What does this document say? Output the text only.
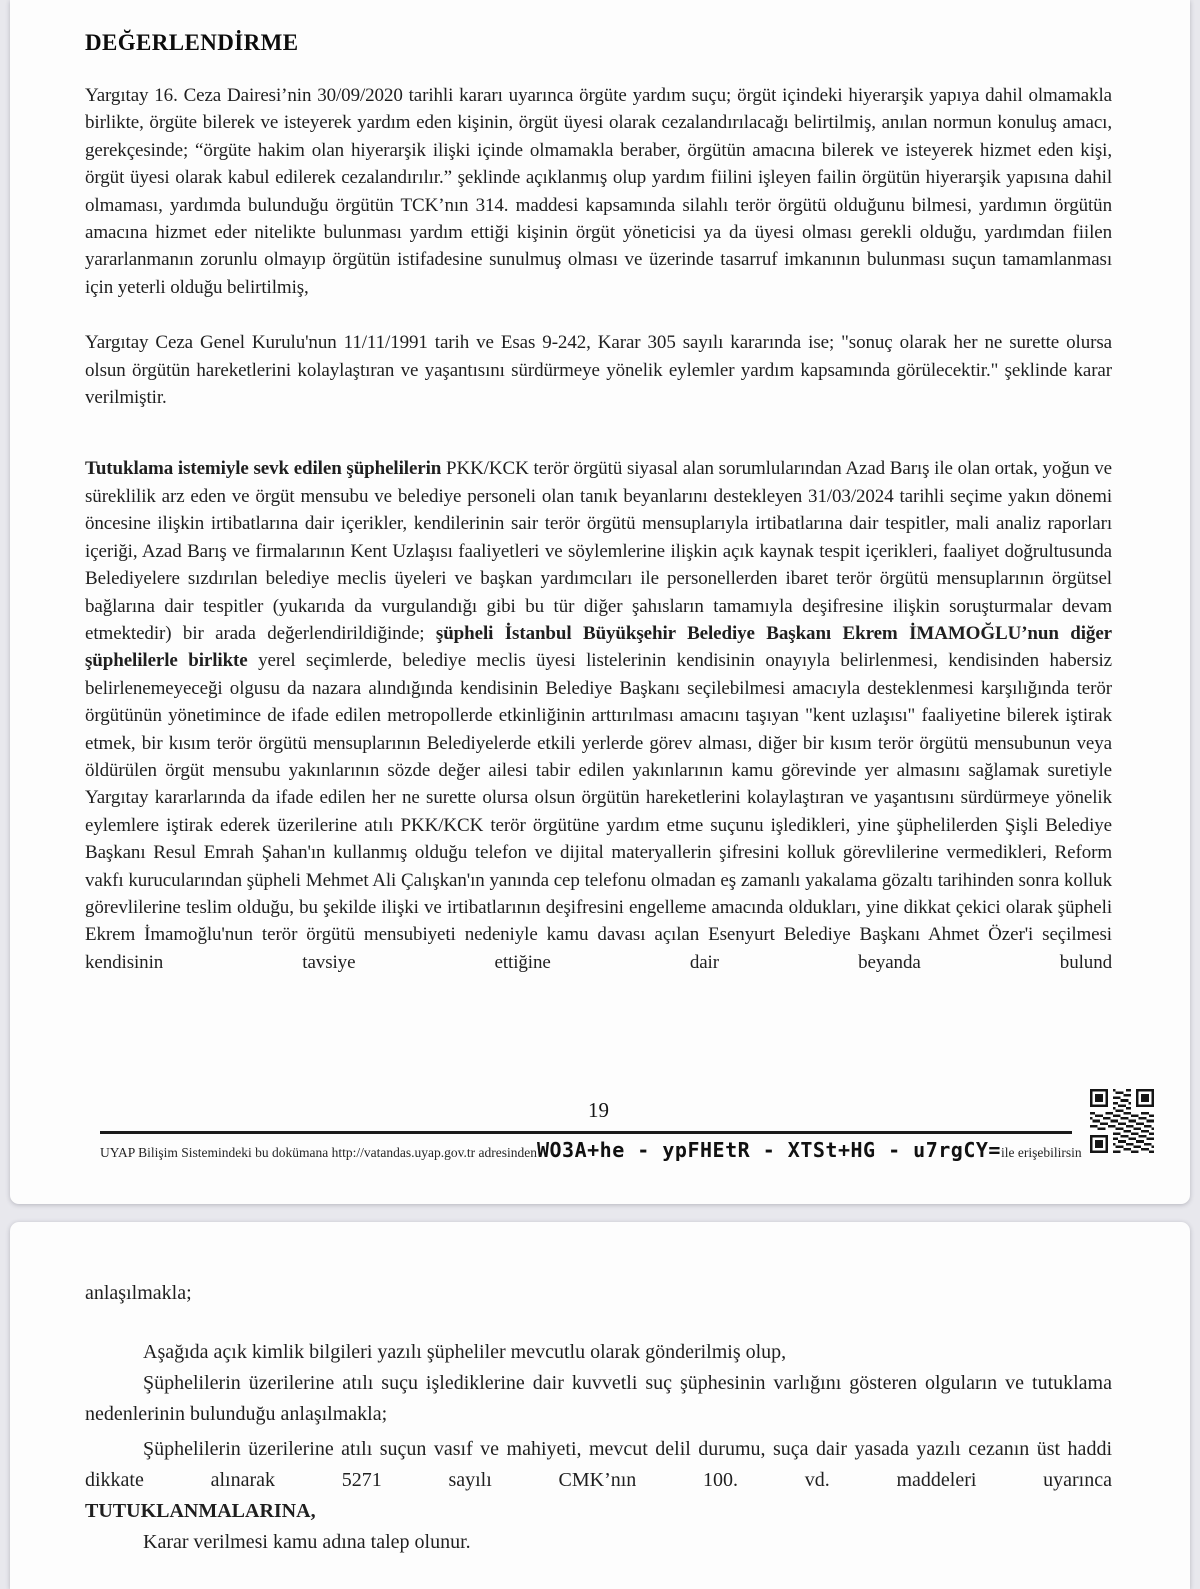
DEĞERLENDİRME

Yargıtay 16. Ceza Dairesi’nin 30/09/2020 tarihli kararı uyarınca örgüte yardım suçu; örgüt içindeki hiyerarşik yapıya dahil olmamakla birlikte, örgüte bilerek ve isteyerek yardım eden kişinin, örgüt üyesi olarak cezalandırılacağı belirtilmiş, anılan normun konuluş amacı, gerekçesinde; “örgüte hakim olan hiyerarşik ilişki içinde olmamakla beraber, örgütün amacına bilerek ve isteyerek hizmet eden kişi, örgüt üyesi olarak kabul edilerek cezalandırılır.” şeklinde açıklanmış olup yardım fiilini işleyen failin örgütün hiyerarşik yapısına dahil olmaması, yardımda bulunduğu örgütün TCK’nın 314. maddesi kapsamında silahlı terör örgütü olduğunu bilmesi, yardımın örgütün amacına hizmet eder nitelikte bulunması yardım ettiği kişinin örgüt yöneticisi ya da üyesi olması gerekli olduğu, yardımdan fiilen yararlanmanın zorunlu olmayıp örgütün istifadesine sunulmuş olması ve üzerinde tasarruf imkanının bulunması suçun tamamlanması için yeterli olduğu belirtilmiş,

Yargıtay Ceza Genel Kurulu'nun 11/11/1991 tarih ve Esas 9-242, Karar 305 sayılı kararında ise; "sonuç olarak her ne surette olursa olsun örgütün hareketlerini kolaylaştıran ve yaşantısını sürdürmeye yönelik eylemler yardım kapsamında görülecektir." şeklinde karar verilmiştir.

Tutuklama istemiyle sevk edilen şüphelilerin PKK/KCK terör örgütü siyasal alan sorumlularından Azad Barış ile olan ortak, yoğun ve süreklilik arz eden ve örgüt mensubu ve belediye personeli olan tanık beyanlarını destekleyen 31/03/2024 tarihli seçime yakın dönemi öncesine ilişkin irtibatlarına dair içerikler, kendilerinin sair terör örgütü mensuplarıyla irtibatlarına dair tespitler, mali analiz raporları içeriği, Azad Barış ve firmalarının Kent Uzlaşısı faaliyetleri ve söylemlerine ilişkin açık kaynak tespit içerikleri, faaliyet doğrultusunda Belediyelere sızdırılan belediye meclis üyeleri ve başkan yardımcıları ile personellerden ibaret terör örgütü mensuplarının örgütsel bağlarına dair tespitler (yukarıda da vurgulandığı gibi bu tür diğer şahısların tamamıyla deşifresine ilişkin soruşturmalar devam etmektedir) bir arada değerlendirildiğinde; şüpheli İstanbul Büyükşehir Belediye Başkanı Ekrem İMAMOĞLU’nun diğer şüphelilerle birlikte yerel seçimlerde, belediye meclis üyesi listelerinin kendisinin onayıyla belirlenmesi, kendisinden habersiz belirlenemeyeceği olgusu da nazara alındığında kendisinin Belediye Başkanı seçilebilmesi amacıyla desteklenmesi karşılığında terör örgütünün yönetimince de ifade edilen metropollerde etkinliğinin arttırılması amacını taşıyan "kent uzlaşısı" faaliyetine bilerek iştirak etmek, bir kısım terör örgütü mensuplarının Belediyelerde etkili yerlerde görev alması, diğer bir kısım terör örgütü mensubunun veya öldürülen örgüt mensubu yakınlarının sözde değer ailesi tabir edilen yakınlarının kamu görevinde yer almasını sağlamak suretiyle Yargıtay kararlarında da ifade edilen her ne surette olursa olsun örgütün hareketlerini kolaylaştıran ve yaşantısını sürdürmeye yönelik eylemlere iştirak ederek üzerilerine atılı PKK/KCK terör örgütüne yardım etme suçunu işledikleri, yine şüphelilerden Şişli Belediye Başkanı Resul Emrah Şahan'ın kullanmış olduğu telefon ve dijital materyallerin şifresini kolluk görevlilerine vermedikleri, Reform vakfı kurucularından şüpheli Mehmet Ali Çalışkan'ın yanında cep telefonu olmadan eş zamanlı yakalama gözaltı tarihinden sonra kolluk görevlilerine teslim olduğu, bu şekilde ilişki ve irtibatlarının deşifresini engelleme amacında oldukları, yine dikkat çekici olarak şüpheli Ekrem İmamoğlu'nun terör örgütü mensubiyeti nedeniyle kamu davası açılan Esenyurt Belediye Başkanı Ahmet Özer'i seçilmesi kendisinin tavsiye ettiğine dair beyanda bulund

19
UYAP Bilişim Sistemindeki bu dokümana http://vatandas.uyap.gov.tr adresinden WO3A+he - ypFHEtR - XTSt+HG - u7rgCY= ile erişebilirsin

anlaşılmakla;

Aşağıda açık kimlik bilgileri yazılı şüpheliler mevcutlu olarak gönderilmiş olup,

Şüphelilerin üzerilerine atılı suçu işlediklerine dair kuvvetli suç şüphesinin varlığını gösteren olguların ve tutuklama nedenlerinin bulunduğu anlaşılmakla;

Şüphelilerin üzerilerine atılı suçun vasıf ve mahiyeti, mevcut delil durumu, suça dair yasada yazılı cezanın üst haddi dikkate alınarak 5271 sayılı CMK’nın 100. vd. maddeleri uyarınca

TUTUKLANMALARINA,

Karar verilmesi kamu adına talep olunur.
